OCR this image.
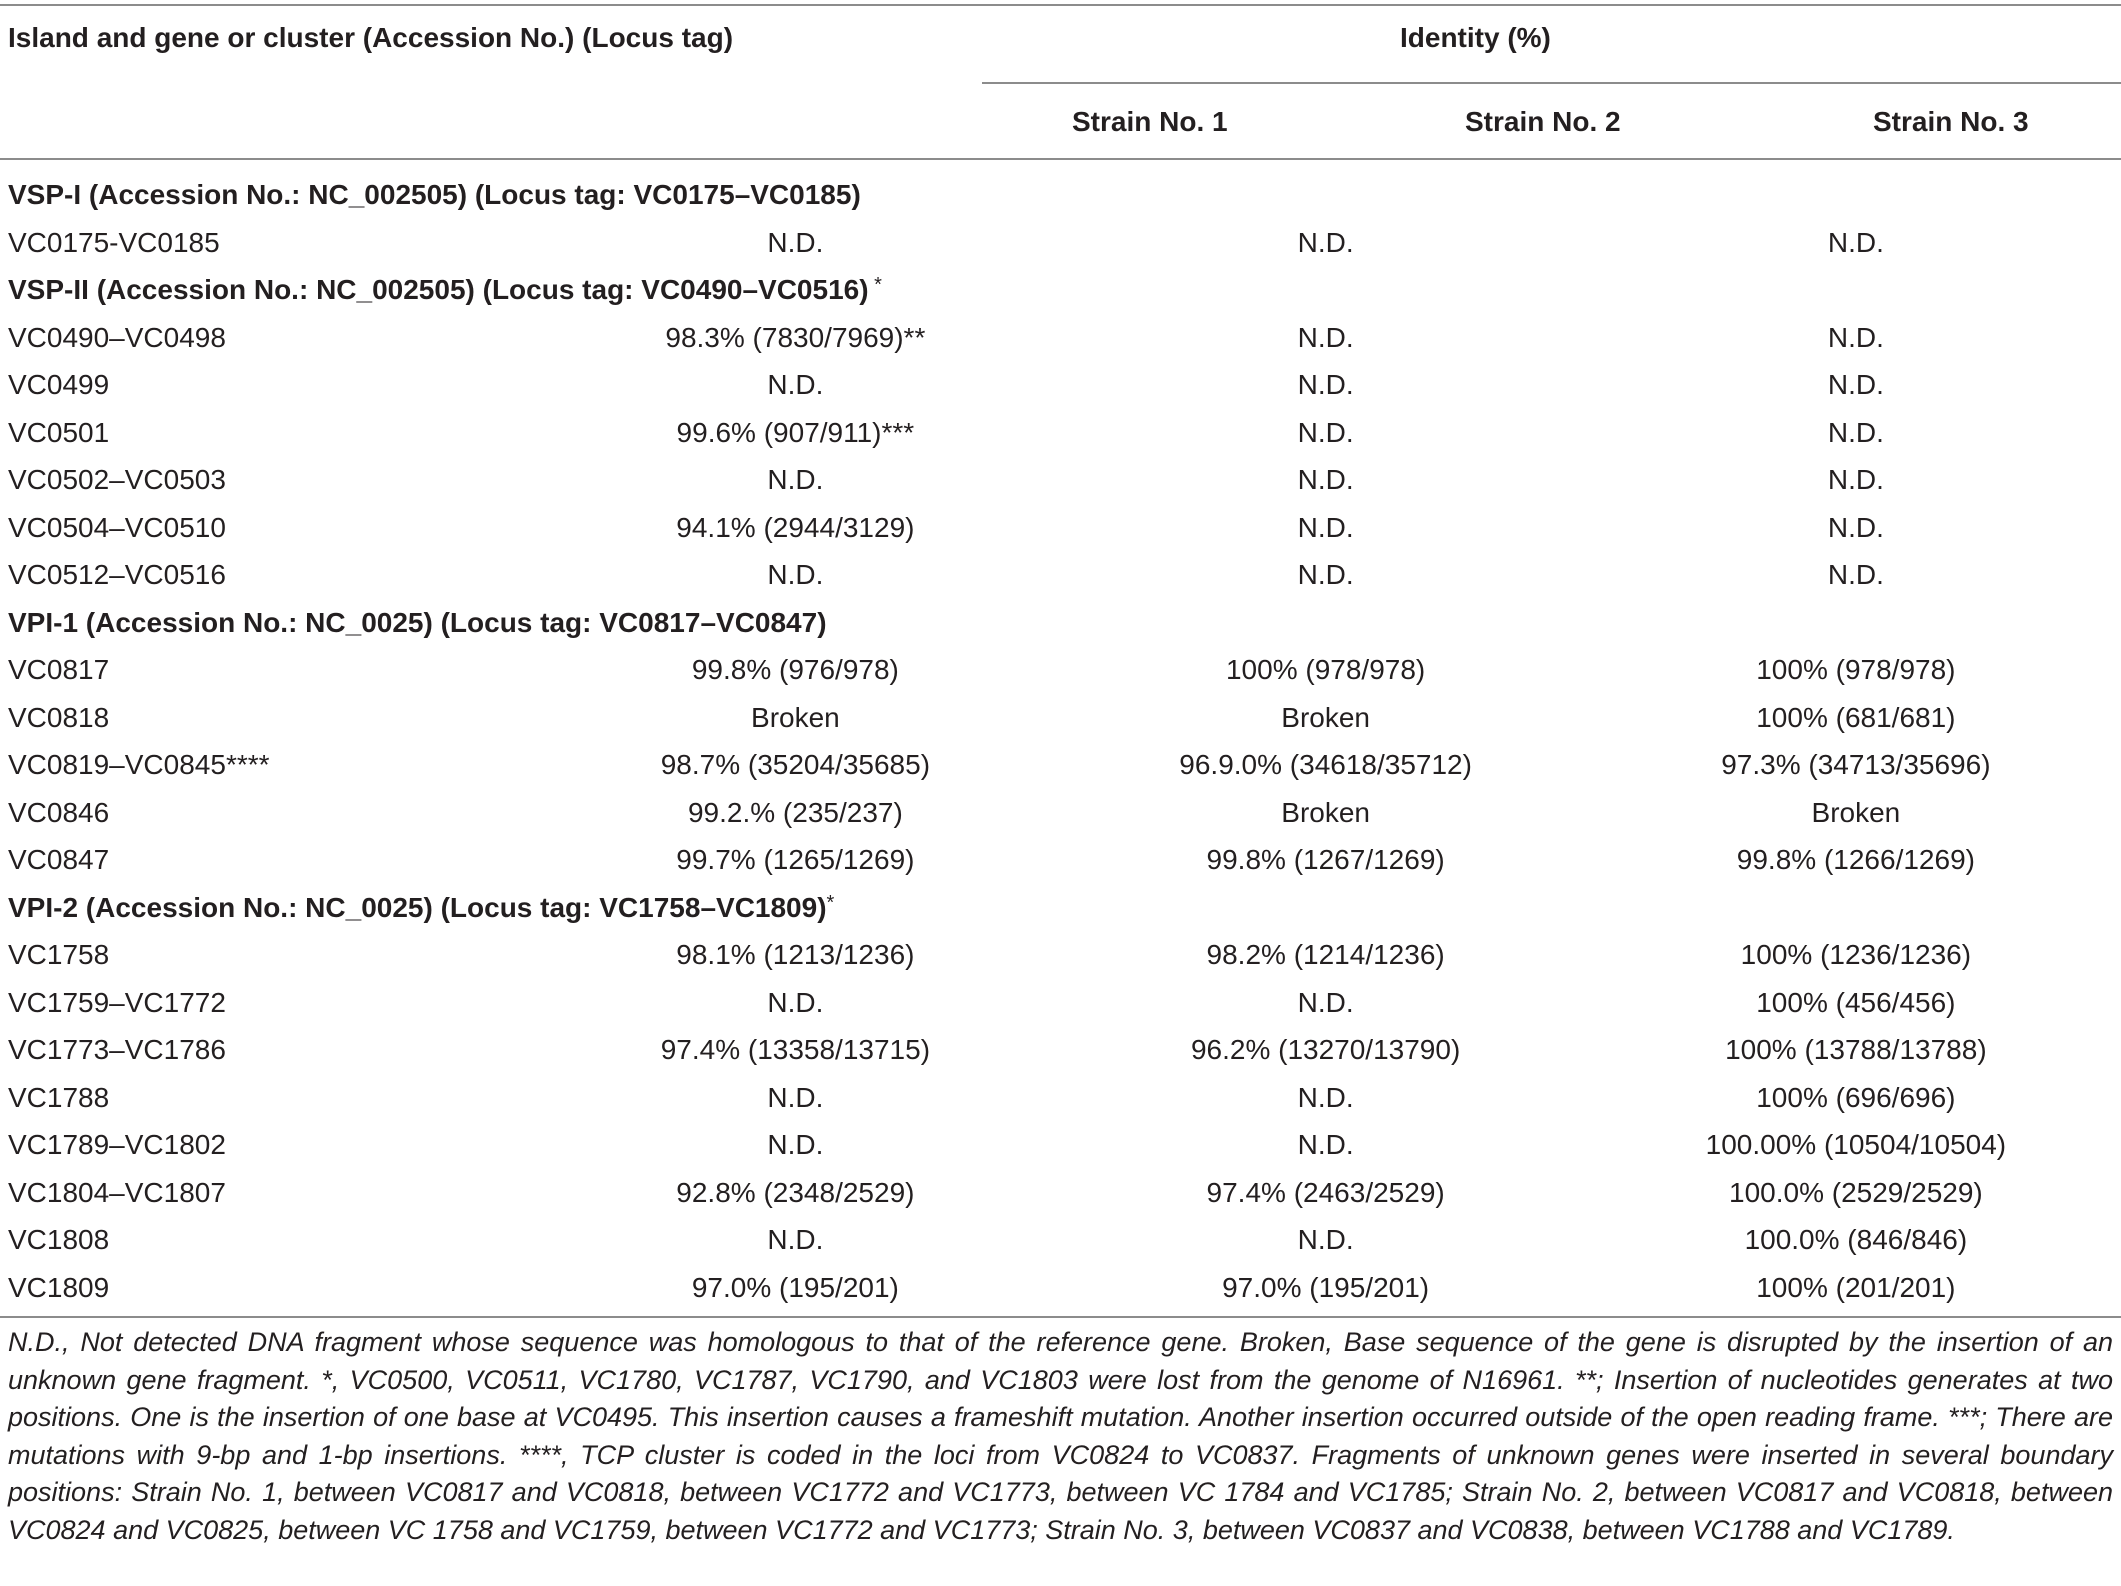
Island and gene or cluster (Accession No.) (Locus tag)	Identity (%)
Strain No. 1	Strain No. 2	Strain No. 3
VSP-I (Accession No.: NC_002505) (Locus tag: VC0175–VC0185)			
VC0175-VC0185	N.D.	N.D.	N.D.
VSP-II (Accession No.: NC_002505) (Locus tag: VC0490–VC0516) *
VC0490–VC0498	98.3% (7830/7969)**	N.D.	N.D.
VC0499	N.D.	N.D.	N.D.
VC0501	99.6% (907/911)***	N.D.	N.D.
VC0502–VC0503	N.D.	N.D.	N.D.
VC0504–VC0510	94.1% (2944/3129)	N.D.	N.D.
VC0512–VC0516	N.D.	N.D.	N.D.
VPI-1 (Accession No.: NC_0025) (Locus tag: VC0817–VC0847)			
VC0817	99.8% (976/978)	100% (978/978)	100% (978/978)
VC0818	Broken	Broken	100% (681/681)
VC0819–VC0845****	98.7% (35204/35685)	96.9.0% (34618/35712)	97.3% (34713/35696)
VC0846	99.2.% (235/237)	Broken	Broken
VC0847	99.7% (1265/1269)	99.8% (1267/1269)	99.8% (1266/1269)
VPI-2 (Accession No.: NC_0025) (Locus tag: VC1758–VC1809)*
VC1758	98.1% (1213/1236)	98.2% (1214/1236)	100% (1236/1236)
VC1759–VC1772	N.D.	N.D.	100% (456/456)
VC1773–VC1786	97.4% (13358/13715)	96.2% (13270/13790)	100% (13788/13788)
VC1788	N.D.	N.D.	100% (696/696)
VC1789–VC1802	N.D.	N.D.	100.00% (10504/10504)
VC1804–VC1807	92.8% (2348/2529)	97.4% (2463/2529)	100.0% (2529/2529)
VC1808	N.D.	N.D.	100.0% (846/846)
VC1809	97.0% (195/201)	97.0% (195/201)	100% (201/201)
N.D., Not detected DNA fragment whose sequence was homologous to that of the reference gene. Broken, Base sequence of the gene is disrupted by the insertion of an unknown gene fragment. *, VC0500, VC0511, VC1780, VC1787, VC1790, and VC1803 were lost from the genome of N16961. **; Insertion of nucleotides generates at two positions. One is the insertion of one base at VC0495. This insertion causes a frameshift mutation. Another insertion occurred outside of the open reading frame. ***; There are mutations with 9-bp and 1-bp insertions. ****, TCP cluster is coded in the loci from VC0824 to VC0837. Fragments of unknown genes were inserted in several boundary positions: Strain No. 1, between VC0817 and VC0818, between VC1772 and VC1773, between VC 1784 and VC1785; Strain No. 2, between VC0817 and VC0818, between VC0824 and VC0825, between VC 1758 and VC1759, between VC1772 and VC1773; Strain No. 3, between VC0837 and VC0838, between VC1788 and VC1789.
